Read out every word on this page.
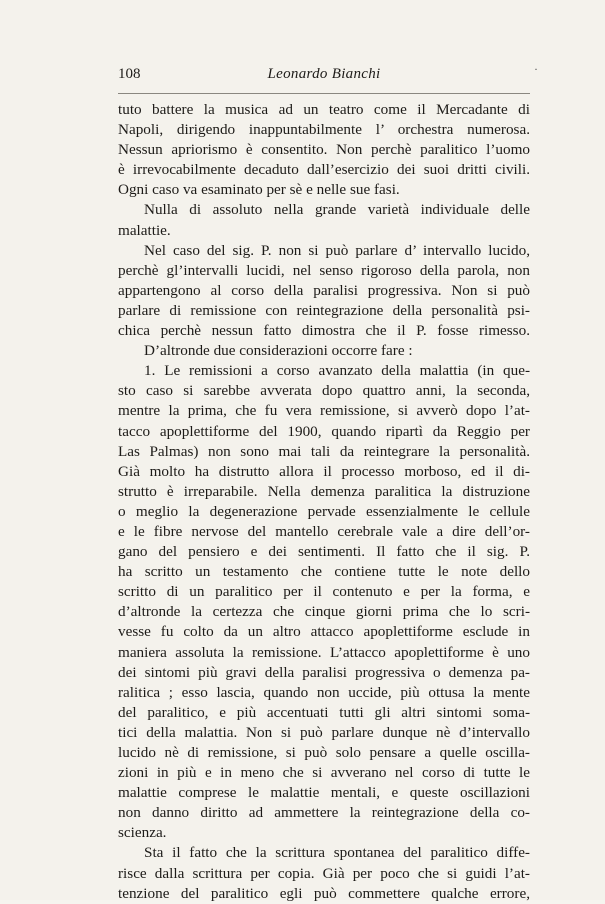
108	Leonardo Bianchi	·
tuto battere la musica ad un teatro come il Mercadante di
Napoli, dirigendo inappuntabilmente l’ orchestra numerosa.
Nessun apriorismo è consentito. Non perchè paralitico l’uomo
è irrevocabilmente decaduto dall’esercizio dei suoi dritti civili.
Ogni caso va esaminato per sè e nelle sue fasi.
Nulla di assoluto nella grande varietà individuale delle
malattie.
Nel caso del sig. P. non si può parlare d’ intervallo lucido,
perchè gl’intervalli lucidi, nel senso rigoroso della parola, non
appartengono al corso della paralisi progressiva. Non si può
parlare di remissione con reintegrazione della personalità psi-
chica perchè nessun fatto dimostra che il P. fosse rimesso.
D’altronde due considerazioni occorre fare :
1. Le remissioni a corso avanzato della malattia (in que-
sto caso si sarebbe avverata dopo quattro anni, la seconda,
mentre la prima, che fu vera remissione, si avverò dopo l’at-
tacco apoplettiforme del 1900, quando ripartì da Reggio per
Las Palmas) non sono mai tali da reintegrare la personalità.
Già molto ha distrutto allora il processo morboso, ed il di-
strutto è irreparabile. Nella demenza paralitica la distruzione
o meglio la degenerazione pervade essenzialmente le cellule
e le fibre nervose del mantello cerebrale vale a dire dell’or-
gano del pensiero e dei sentimenti. Il fatto che il sig. P.
ha scritto un testamento che contiene tutte le note dello
scritto di un paralitico per il contenuto e per la forma, e
d’altronde la certezza che cinque giorni prima che lo scri-
vesse fu colto da un altro attacco apoplettiforme esclude in
maniera assoluta la remissione. L’attacco apoplettiforme è uno
dei sintomi più gravi della paralisi progressiva o demenza pa-
ralitica ; esso lascia, quando non uccide, più ottusa la mente
del paralitico, e più accentuati tutti gli altri sintomi soma-
tici della malattia. Non si può parlare dunque nè d’intervallo
lucido nè di remissione, si può solo pensare a quelle oscilla-
zioni in più e in meno che si avverano nel corso di tutte le
malattie comprese le malattie mentali, e queste oscillazioni
non danno diritto ad ammettere la reintegrazione della co-
scienza.
Sta il fatto che la scrittura spontanea del paralitico diffe-
risce dalla scrittura per copia. Già per poco che si guidi l’at-
tenzione del paralitico egli può commettere qualche errore,
